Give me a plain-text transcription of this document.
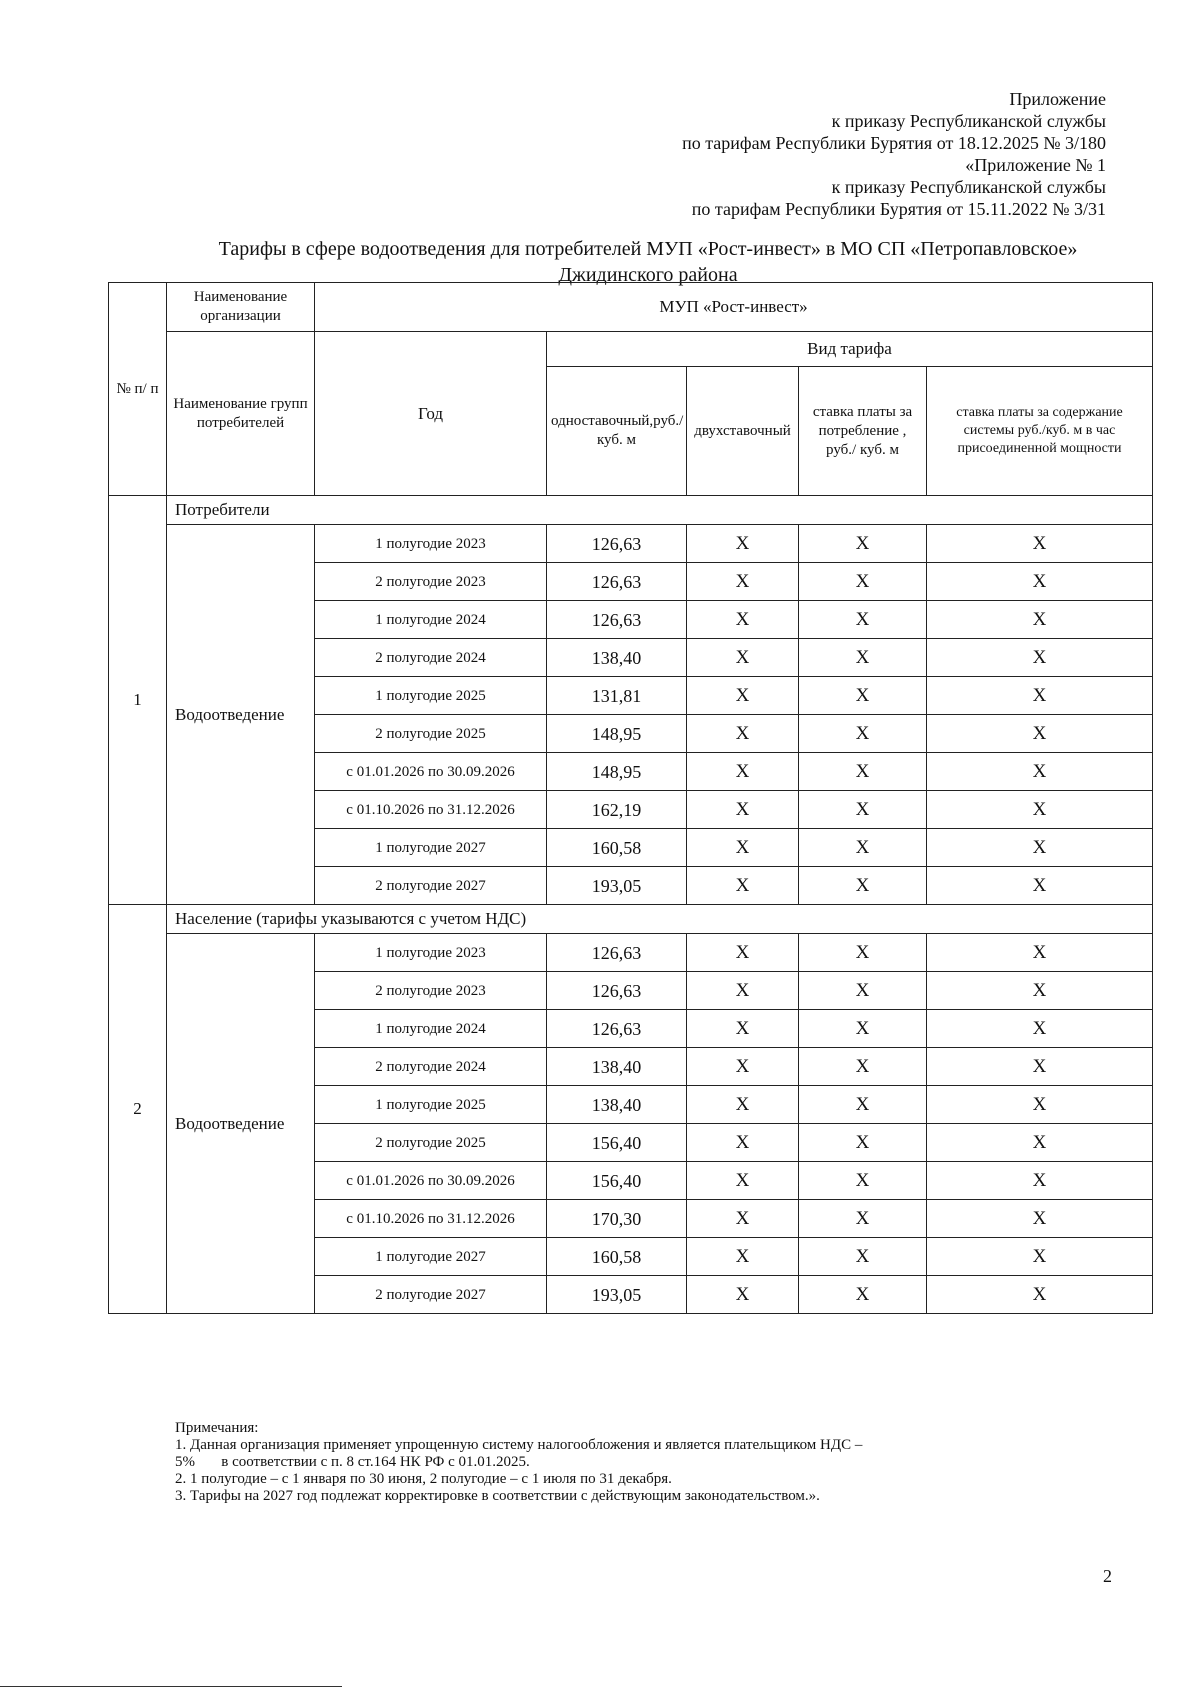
Приложение
к приказу Республиканской службы
по тарифам Республики Бурятия от 18.12.2025 № 3/180
«Приложение № 1
к приказу Республиканской службы
по тарифам Республики Бурятия от 15.11.2022 № 3/31
Тарифы в сфере водоотведения для потребителей МУП «Рост-инвест» в МО СП «Петропавловское»
Джидинского района
№ п/ п	Наименование организации	МУП «Рост-инвест»				
	Наименование групп потребителей	Год	Вид тарифа			
			одноставочный,руб./ куб. м	двухставочный	ставка платы за потребление , руб./ куб. м	ставка платы за содержание системы руб./куб. м в час присоединенной мощности
1	Потребители					
	Водоотведение	1 полугодие 2023	126,63	X	X	X
		2 полугодие 2023	126,63	X	X	X
		1 полугодие 2024	126,63	X	X	X
		2 полугодие 2024	138,40	X	X	X
		1 полугодие 2025	131,81	X	X	X
		2 полугодие 2025	148,95	X	X	X
		с 01.01.2026 по 30.09.2026	148,95	X	X	X
		с 01.10.2026 по 31.12.2026	162,19	X	X	X
		1 полугодие 2027	160,58	X	X	X
		2 полугодие 2027	193,05	X	X	X
2	Население (тарифы указываются с учетом НДС)					
	Водоотведение	1 полугодие 2023	126,63	X	X	X
		2 полугодие 2023	126,63	X	X	X
		1 полугодие 2024	126,63	X	X	X
		2 полугодие 2024	138,40	X	X	X
		1 полугодие 2025	138,40	X	X	X
		2 полугодие 2025	156,40	X	X	X
		с 01.01.2026 по 30.09.2026	156,40	X	X	X
		с 01.10.2026 по 31.12.2026	170,30	X	X	X
		1 полугодие 2027	160,58	X	X	X
		2 полугодие 2027	193,05	X	X	X
Примечания:
1. Данная организация применяет упрощенную систему налогообложения и является плательщиком НДС –
5%       в соответствии с п. 8 ст.164 НК РФ с 01.01.2025.
2. 1 полугодие – с 1 января по 30 июня, 2 полугодие – с 1 июля по 31 декабря.
3. Тарифы на 2027 год подлежат корректировке в соответствии с действующим законодательством.».
2
